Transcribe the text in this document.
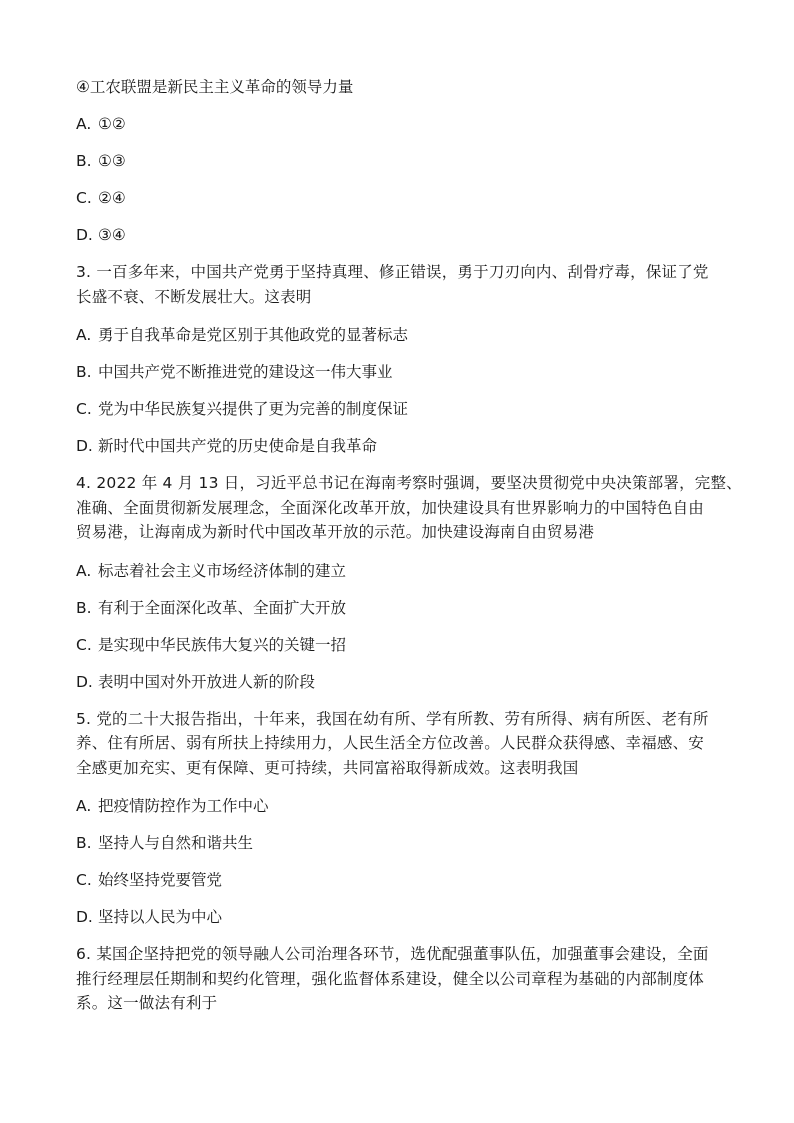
④工农联盟是新民主主义革命的领导力量
A. ①②
B. ①③
C. ②④
D. ③④
3. 一百多年来，中国共产党勇于坚持真理、修正错误，勇于刀刃向内、刮骨疗毒，保证了党
长盛不衰、不断发展壮大。这表明
A. 勇于自我革命是党区别于其他政党的显著标志
B. 中国共产党不断推进党的建设这一伟大事业
C. 党为中华民族复兴提供了更为完善的制度保证
D. 新时代中国共产党的历史使命是自我革命
4. 2022 年 4 月 13 日，习近平总书记在海南考察时强调，要坚决贯彻党中央决策部署，完整、
准确、全面贯彻新发展理念，全面深化改革开放，加快建设具有世界影响力的中国特色自由
贸易港，让海南成为新时代中国改革开放的示范。加快建设海南自由贸易港
A. 标志着社会主义市场经济体制的建立
B. 有利于全面深化改革、全面扩大开放
C. 是实现中华民族伟大复兴的关键一招
D. 表明中国对外开放进人新的阶段
5. 党的二十大报告指出，十年来，我国在幼有所、学有所教、劳有所得、病有所医、老有所
养、住有所居、弱有所扶上持续用力，人民生活全方位改善。人民群众获得感、幸福感、安
全感更加充实、更有保障、更可持续，共同富裕取得新成效。这表明我国
A. 把疫情防控作为工作中心
B. 坚持人与自然和谐共生
C. 始终坚持党要管党
D. 坚持以人民为中心
6. 某国企坚持把党的领导融人公司治理各环节，选优配强董事队伍，加强董事会建设，全面
推行经理层任期制和契约化管理，强化监督体系建设，健全以公司章程为基础的内部制度体
系。这一做法有利于
